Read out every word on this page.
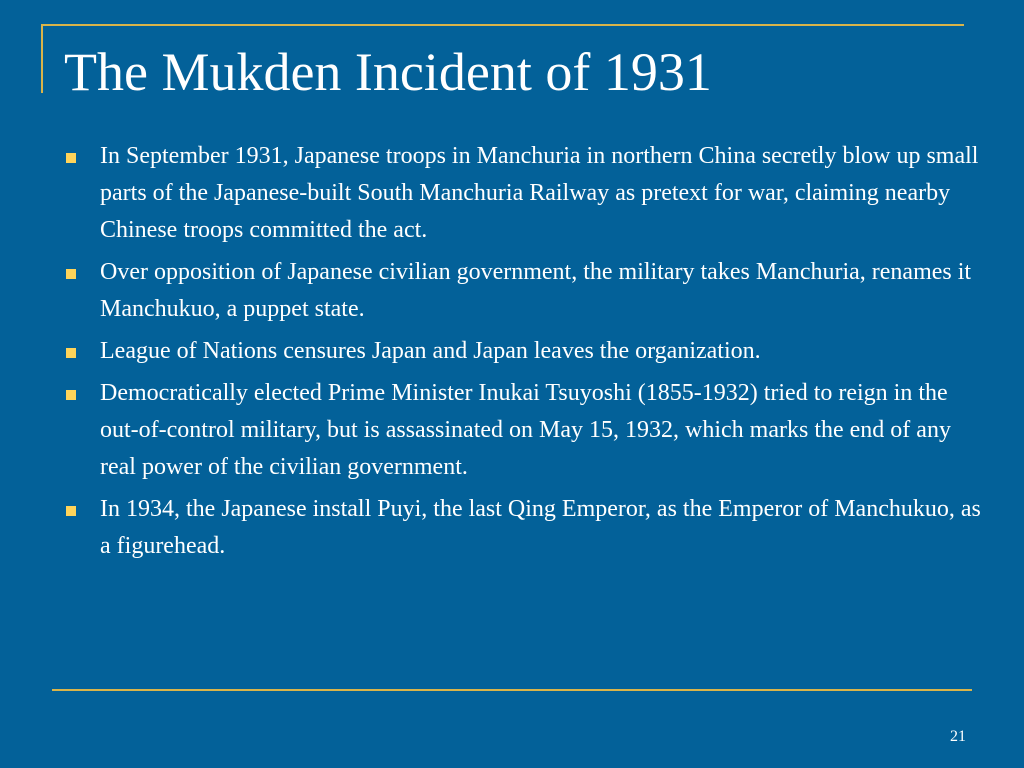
The Mukden Incident of 1931
In September 1931, Japanese troops in Manchuria in northern China secretly blow up small parts of the Japanese-built South Manchuria Railway as pretext for war, claiming nearby Chinese troops committed the act.
Over opposition of Japanese civilian government, the military takes Manchuria, renames it Manchukuo, a puppet state.
League of Nations censures Japan and Japan leaves the organization.
Democratically elected Prime Minister Inukai Tsuyoshi (1855-1932) tried to reign in the out-of-control military, but is assassinated on May 15, 1932, which marks the end of any real power of the civilian government.
In 1934, the Japanese install Puyi, the last Qing Emperor, as the Emperor of Manchukuo, as a figurehead.
21
